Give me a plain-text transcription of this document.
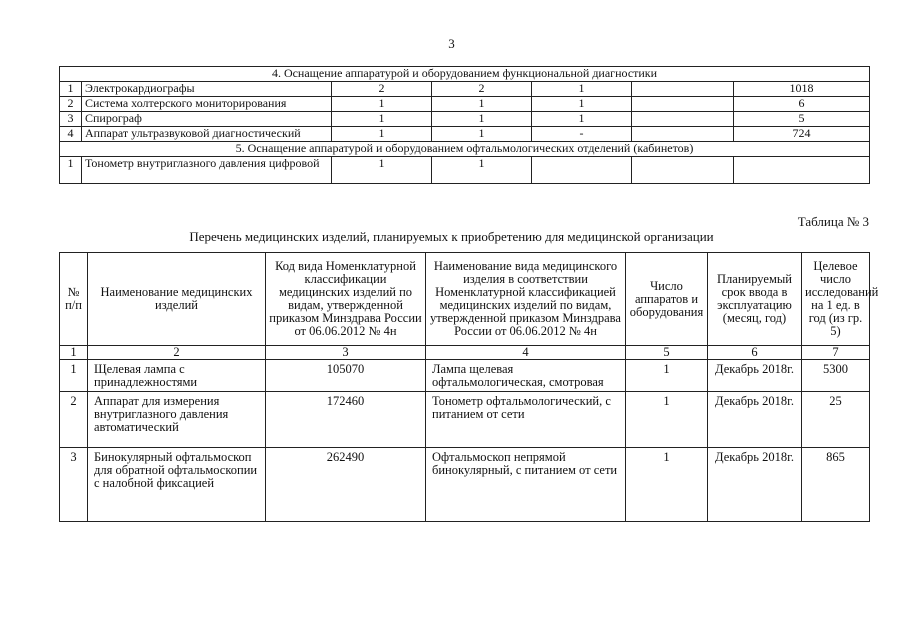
3
4. Оснащение аппаратурой и оборудованием функциональной диагностики						
1	Электрокардиографы	2	2	1		1018
2	Система холтерского мониторирования	1	1	1		6
3	Спирограф	1	1	1		5
4	Аппарат ультразвуковой диагностический	1	1	-		724
5. Оснащение аппаратурой и оборудованием офтальмологических отделений (кабинетов)						
1	Тонометр внутриглазного давления цифровой	1	1			
Таблица № 3
Перечень медицинских изделий, планируемых к приобретению для медицинской организации
№ п/п	Наименование медицинских изделий	Код вида Номенклатурной классификации медицинских изделий по видам, утвержденной приказом Минздрава России от 06.06.2012 № 4н	Наименование вида медицинского изделия в соответствии Номенклатурной классификацией медицинских изделий по видам, утвержденной приказом Минздрава России от 06.06.2012 № 4н	Число аппаратов и оборудования	Планируемый срок ввода в эксплуатацию (месяц, год)	Целевое число исследований на 1 ед. в год (из гр. 5)
1	2	3	4	5	6	7
1	Щелевая лампа с принадлежностями	105070	Лампа щелевая офтальмологическая, смотровая	1	Декабрь 2018г.	5300
2	Аппарат для измерения внутриглазного давления автоматический	172460	Тонометр офтальмологический, с питанием от сети	1	Декабрь 2018г.	25
3	Бинокулярный офтальмоскоп для обратной офтальмоскопии с налобной фиксацией	262490	Офтальмоскоп непрямой бинокулярный, с питанием от сети	1	Декабрь 2018г.	865
